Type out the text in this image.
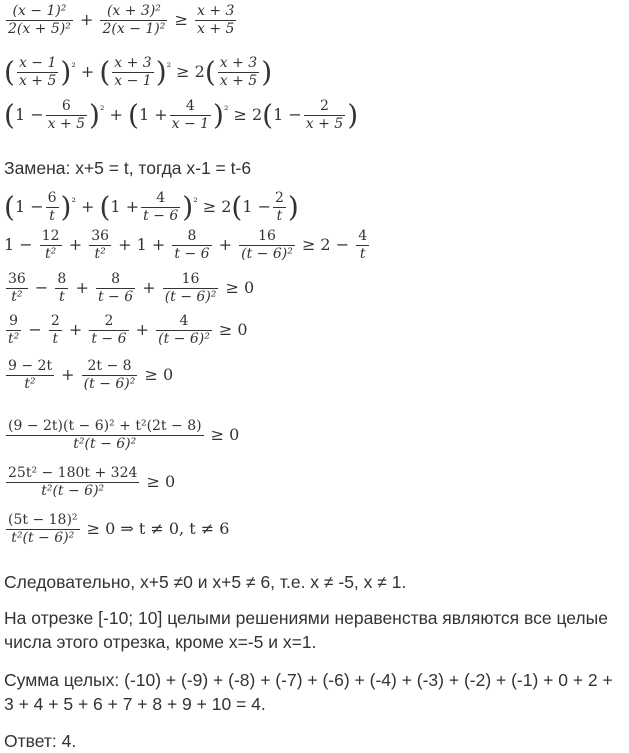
$\frac{\text{(x − 1)²}}{\text{2(x + 5)²}} + \frac{\text{(x + 3)²}}{\text{2(x − 1)²}} \ge \frac{x + 3}{x + 5}$
( $\frac{x - 1}{x + 5} )^{^2}$ + ( $\frac{x + 3}{x - 1} )^{^2} \ge 2( \frac{x + 3}{x + 5}$ )
$(1 - \frac{6}{x + 5} )^{^2} + (1 + \frac{4}{x - 1} )^{^2} \ge 2(1 - \frac{2}{x + 5}$ )
Замена: x+5 = t, тогда x-1 = t-6
$(1 - \frac{6}{t} )^{^2} + (1 + \frac{4}{t - 6} )^{^2} \ge 2(1 - \frac{2}{t}$ )
$1 - \frac{12}{\text{t²}} + \frac{36}{\text{t²}} + 1 + \frac{8}{t - 6} + \frac{16}{\text{(t − 6)²}} \ge 2 - \frac{4}{t}$
$\frac{36}{\text{t²}} - \frac{8}{t} + \frac{8}{t - 6} + \frac{16}{\text{(t − 6)²}} \ge 0$
$\frac{9}{\text{t²}} - \frac{2}{t} + \frac{2}{t - 6} + \frac{4}{\text{(t − 6)²}} \ge 0$
$\frac{9 - 2t}{\text{t²}} + \frac{2t - 8}{\text{(t − 6)²}} \ge 0$
$\frac{\text{(9 − 2t)(t − 6)² + t²(2t − 8)}}{\text{t²(t − 6)²}} \ge 0$
$\frac{\text{25t² − 180t + 324}}{\text{t²(t − 6)²}} \ge 0$
$\frac{\text{(5t − 18)²}}{\text{t²(t − 6)²}} \ge 0$ ⇒ t ≠ 0, t ≠ 6
Следовательно, x+5 ≠0 и x+5 ≠ 6, т.е. x ≠ -5, x ≠ 1.
На отрезке [-10; 10] целыми решениями неравенства являются все целые числа этого отрезка, кроме x=-5 и x=1.
Сумма целых: (-10) + (-9) + (-8) + (-7) + (-6) + (-4) + (-3) + (-2) + (-1) + 0 + 2 + 3 + 4 + 5 + 6 + 7 + 8 + 9 + 10 = 4.
Ответ: 4.
